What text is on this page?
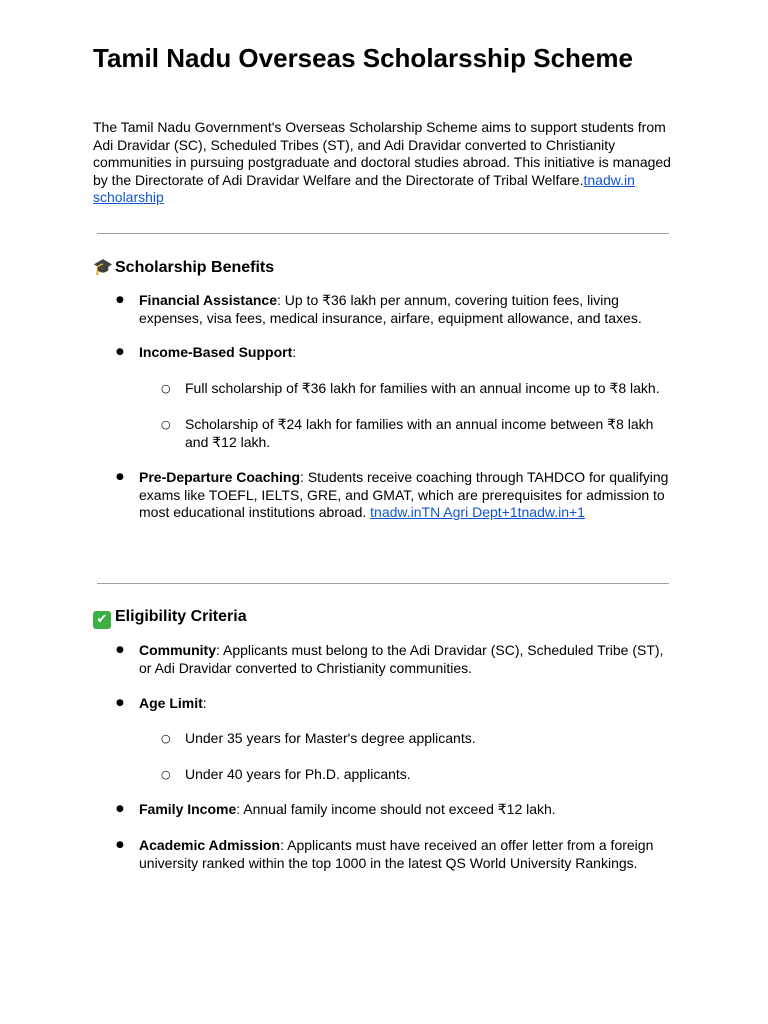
Tamil Nadu Overseas Scholarsship Scheme

The Tamil Nadu Government's Overseas Scholarship Scheme aims to support students from Adi Dravidar (SC), Scheduled Tribes (ST), and Adi Dravidar converted to Christianity communities in pursuing postgraduate and doctoral studies abroad. This initiative is managed by the Directorate of Adi Dravidar Welfare and the Directorate of Tribal Welfare.tnadw.in scholarship

🎓 Scholarship Benefits
● Financial Assistance: Up to ₹36 lakh per annum, covering tuition fees, living expenses, visa fees, medical insurance, airfare, equipment allowance, and taxes.
● Income-Based Support:
○ Full scholarship of ₹36 lakh for families with an annual income up to ₹8 lakh.
○ Scholarship of ₹24 lakh for families with an annual income between ₹8 lakh and ₹12 lakh.
● Pre-Departure Coaching: Students receive coaching through TAHDCO for qualifying exams like TOEFL, IELTS, GRE, and GMAT, which are prerequisites for admission to most educational institutions abroad. tnadw.inTN Agri Dept+1tnadw.in+1
✔ Eligibility Criteria
● Community: Applicants must belong to the Adi Dravidar (SC), Scheduled Tribe (ST), or Adi Dravidar converted to Christianity communities.
● Age Limit:
○ Under 35 years for Master's degree applicants.
○ Under 40 years for Ph.D. applicants.
● Family Income: Annual family income should not exceed ₹12 lakh.
● Academic Admission: Applicants must have received an offer letter from a foreign university ranked within the top 1000 in the latest QS World University Rankings.
